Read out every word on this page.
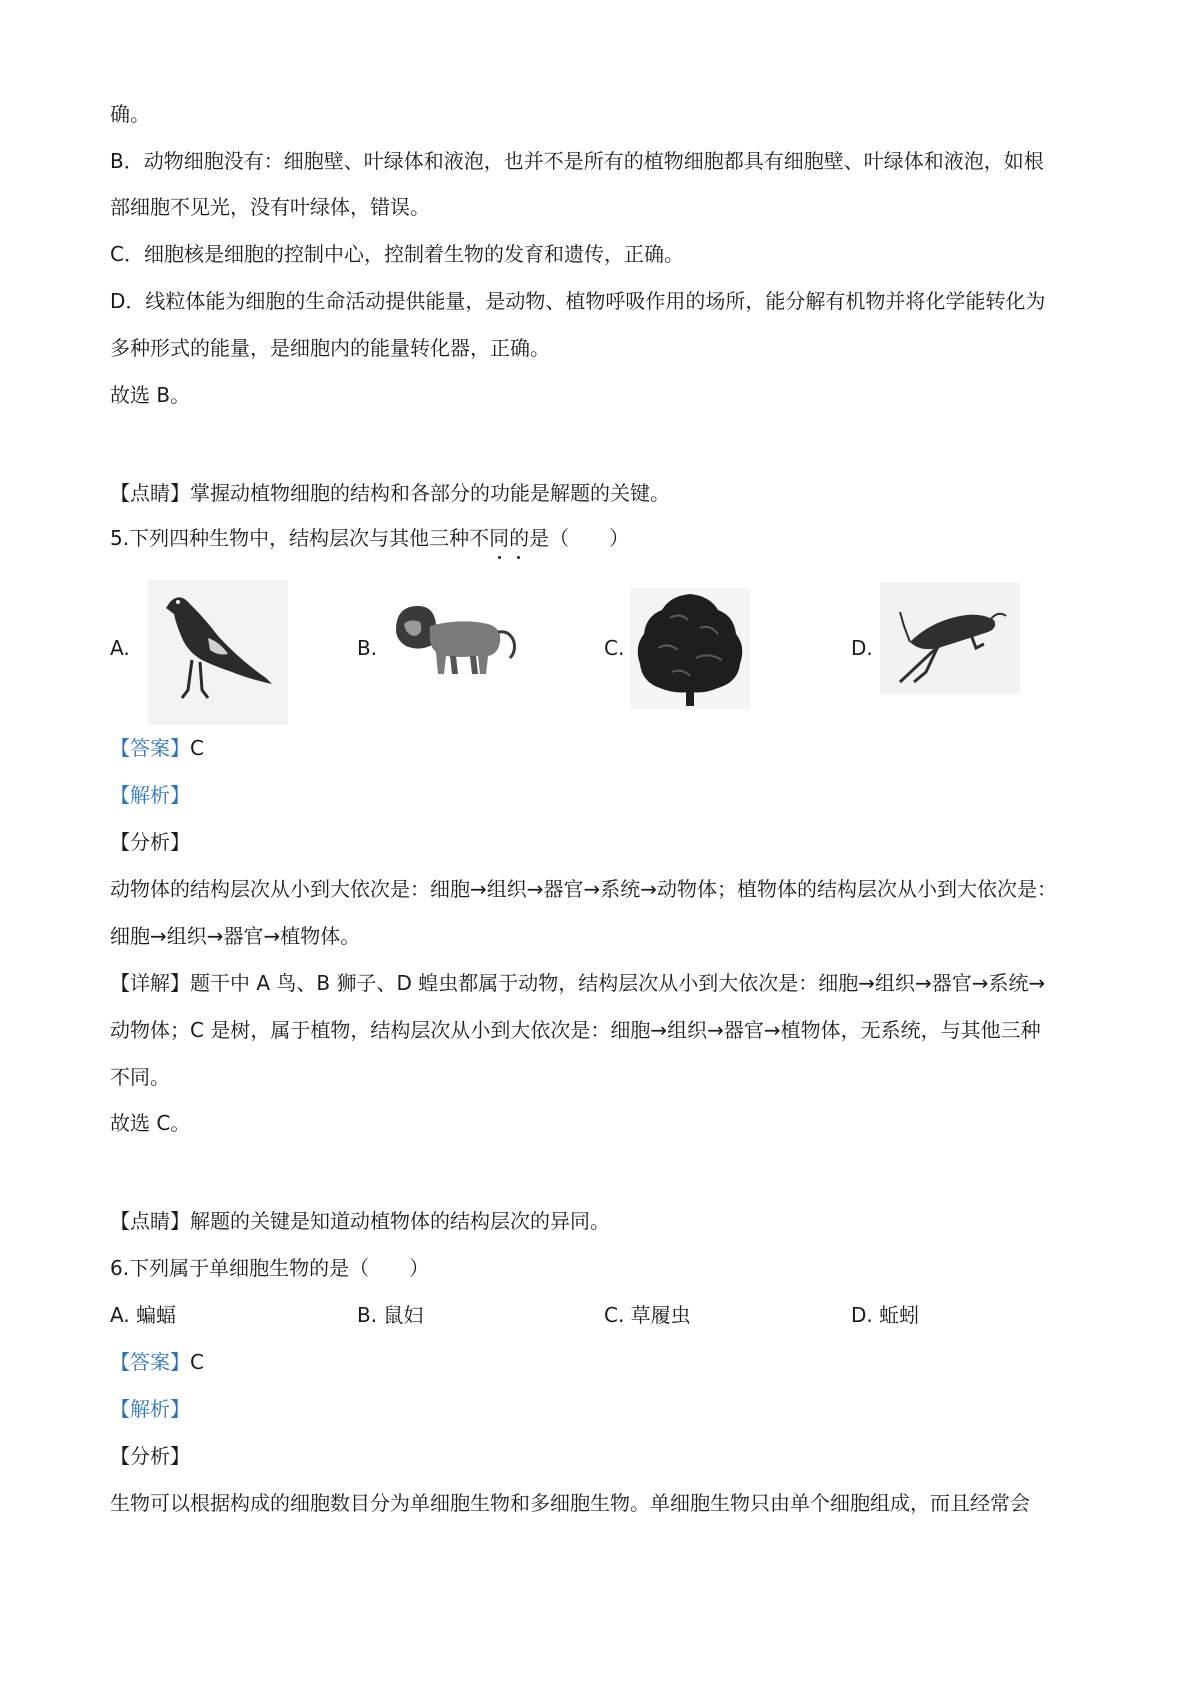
确。
B．动物细胞没有：细胞壁、叶绿体和液泡，也并不是所有的植物细胞都具有细胞壁、叶绿体和液泡，如根
部细胞不见光，没有叶绿体，错误。
C．细胞核是细胞的控制中心，控制着生物的发育和遗传，正确。
D．线粒体能为细胞的生命活动提供能量，是动物、植物呼吸作用的场所，能分解有机物并将化学能转化为
多种形式的能量，是细胞内的能量转化器，正确。
故选 B。
【点睛】掌握动植物细胞的结构和各部分的功能是解题的关键。
5.下列四种生物中，结构层次与其他三种不同的是（　　）
A.	B.	C.	D.
【答案】C
【解析】
【分析】
动物体的结构层次从小到大依次是：细胞→组织→器官→系统→动物体；植物体的结构层次从小到大依次是：
细胞→组织→器官→植物体。
【详解】题干中 A 鸟、B 狮子、D 蝗虫都属于动物，结构层次从小到大依次是：细胞→组织→器官→系统→
动物体；C 是树，属于植物，结构层次从小到大依次是：细胞→组织→器官→植物体，无系统，与其他三种
不同。
故选 C。
【点睛】解题的关键是知道动植物体的结构层次的异同。
6.下列属于单细胞生物的是（　　）
A. 蝙蝠	B. 鼠妇	C. 草履虫	D. 蚯蚓
【答案】C
【解析】
【分析】
生物可以根据构成的细胞数目分为单细胞生物和多细胞生物。单细胞生物只由单个细胞组成，而且经常会
